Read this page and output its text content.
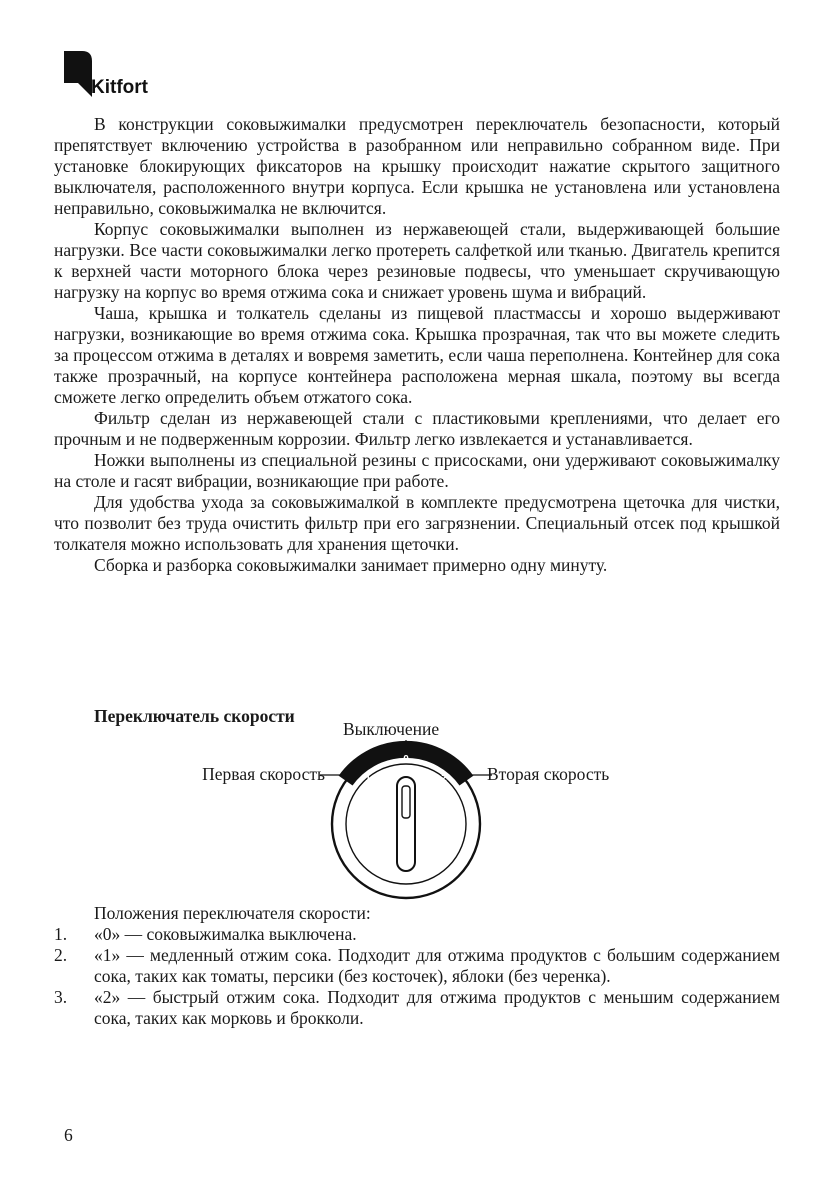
Kitfort

В конструкции соковыжималки предусмотрен переключатель безопасности, который препятствует включению устройства в разобранном или неправильно собранном виде. При установке блокирующих фиксаторов на крышку происходит нажатие скрытого защитного выключателя, расположенного внутри корпуса. Если крышка не установлена или установлена неправильно, соковыжималка не включится.

Корпус соковыжималки выполнен из нержавеющей стали, выдерживающей большие нагрузки. Все части соковыжималки легко протереть салфеткой или тканью. Двигатель крепится к верхней части моторного блока через резиновые подвесы, что уменьшает скручивающую нагрузку на корпус во время отжима сока и снижает уровень шума и вибраций.

Чаша, крышка и толкатель сделаны из пищевой пластмассы и хорошо выдерживают нагрузки, возникающие во время отжима сока. Крышка прозрачная, так что вы можете следить за процессом отжима в деталях и вовремя заметить, если чаша переполнена. Контейнер для сока также прозрачный, на корпусе контейнера расположена мерная шкала, поэтому вы всегда сможете легко определить объем отжатого сока.

Фильтр сделан из нержавеющей стали с пластиковыми креплениями, что делает его прочным и не подверженным коррозии. Фильтр легко извлекается и устанавливается.

Ножки выполнены из специальной резины с присосками, они удерживают соковыжималку на столе и гасят вибрации, возникающие при работе.

Для удобства ухода за соковыжималкой в комплекте предусмотрена щеточка для чистки, что позволит без труда очистить фильтр при его загрязнении. Специальный отсек под крышкой толкателя можно использовать для хранения щеточки.

Сборка и разборка соковыжималки занимает примерно одну минуту.

Переключатель скорости
Выключение
Первая скорость	Вторая скорость
0
1	2
Положения переключателя скорости:
1.	«0» — соковыжималка выключена.
2.	«1» — медленный отжим сока. Подходит для отжима продуктов с большим содержанием сока, таких как томаты, персики (без косточек), яблоки (без черенка).
3.	«2» — быстрый отжим сока. Подходит для отжима продуктов с меньшим содержанием сока, таких как морковь и брокколи.
6
